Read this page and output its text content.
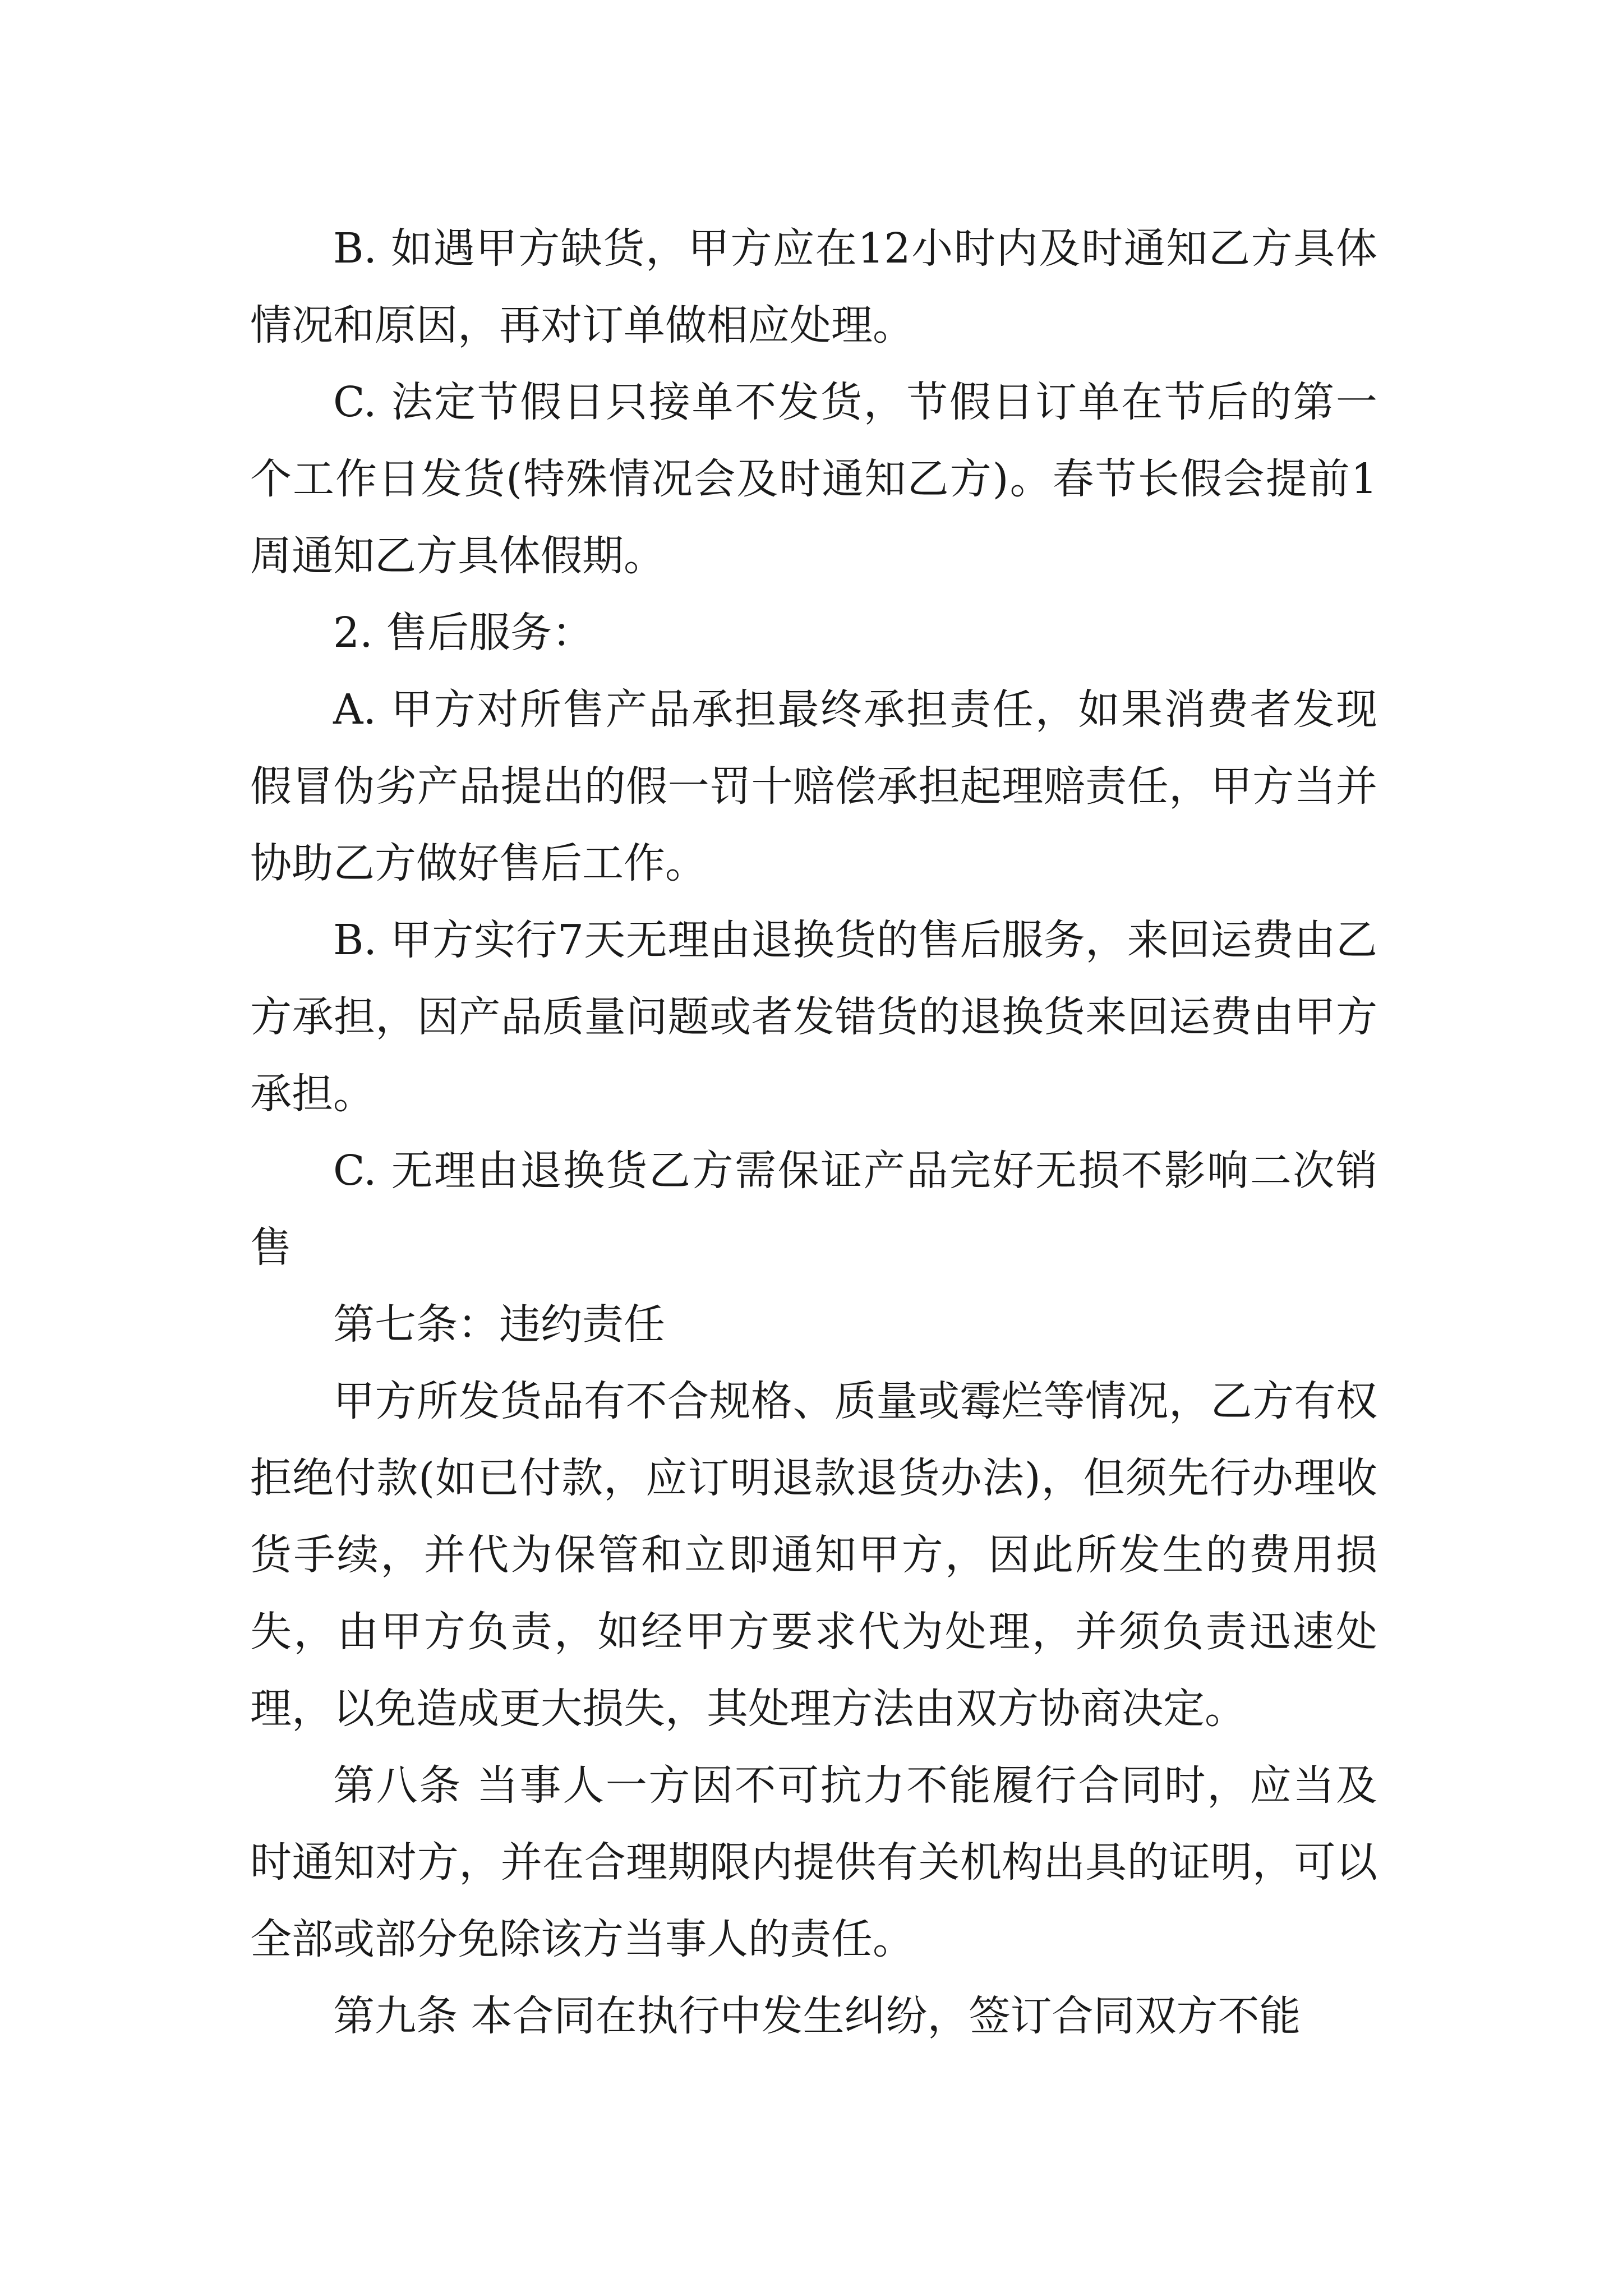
B. 如遇甲方缺货，甲方应在12小时内及时通知乙方具体情况和原因，再对订单做相应处理。

C. 法定节假日只接单不发货，节假日订单在节后的第一个工作日发货(特殊情况会及时通知乙方)。春节长假会提前1周通知乙方具体假期。

2. 售后服务：

A. 甲方对所售产品承担最终承担责任，如果消费者发现假冒伪劣产品提出的假一罚十赔偿承担起理赔责任，甲方当并协助乙方做好售后工作。

B. 甲方实行7天无理由退换货的售后服务，来回运费由乙方承担，因产品质量问题或者发错货的退换货来回运费由甲方承担。

C. 无理由退换货乙方需保证产品完好无损不影响二次销售

第七条：违约责任

甲方所发货品有不合规格、质量或霉烂等情况，乙方有权拒绝付款(如已付款，应订明退款退货办法)，但须先行办理收货手续，并代为保管和立即通知甲方，因此所发生的费用损失，由甲方负责，如经甲方要求代为处理，并须负责迅速处理，以免造成更大损失，其处理方法由双方协商决定。

第八条 当事人一方因不可抗力不能履行合同时，应当及时通知对方，并在合理期限内提供有关机构出具的证明，可以全部或部分免除该方当事人的责任。

第九条 本合同在执行中发生纠纷，签订合同双方不能
